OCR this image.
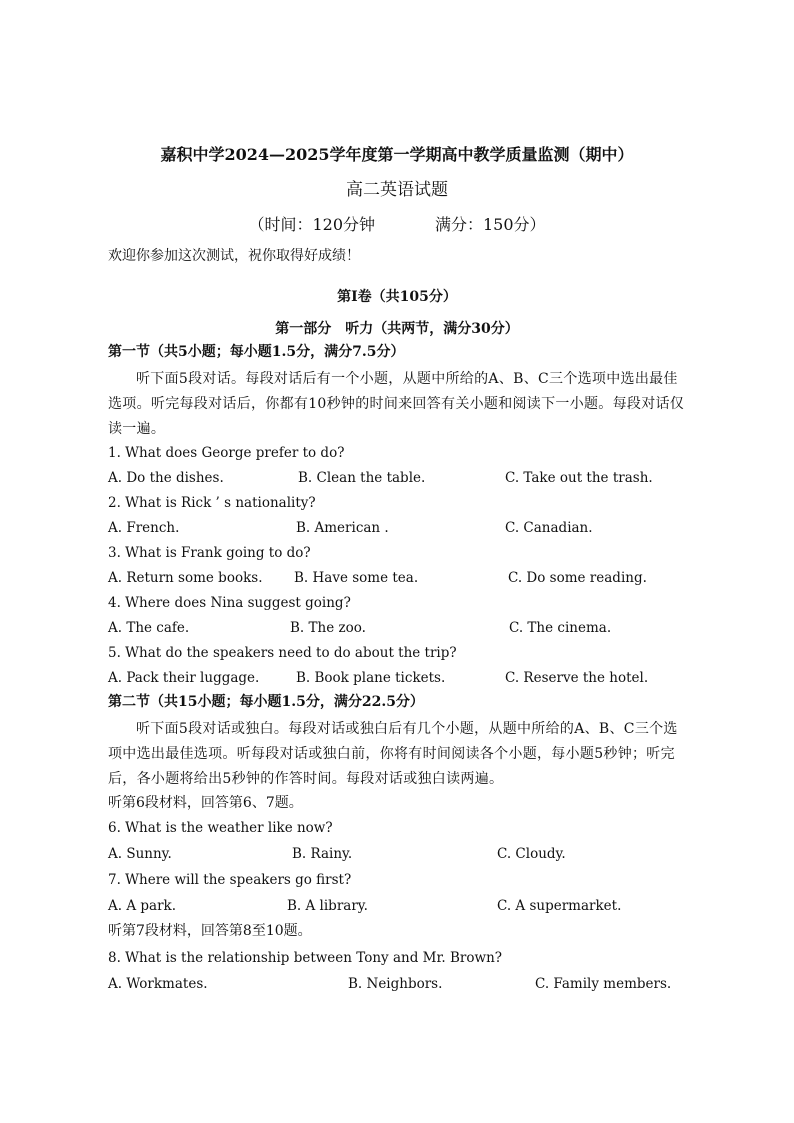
嘉积中学2024—2025学年度第一学期高中教学质量监测（期中）
高二英语试题
（时间：120分钟	满分：150分）
欢迎你参加这次测试，祝你取得好成绩！
第Ⅰ卷（共105分）
第一部分　听力（共两节，满分30分）
第一节（共5小题；每小题1.5分，满分7.5分）
听下面5段对话。每段对话后有一个小题，从题中所给的A、B、C三个选项中选出最佳选项。听完每段对话后，你都有10秒钟的时间来回答有关小题和阅读下一小题。每段对话仅读一遍。
1. What does George prefer to do?
A. Do the dishes.	B. Clean the table.	C. Take out the trash.
2. What is Rick ’ s nationality?
A. French.	B. American .	C. Canadian.
3. What is Frank going to do?
A. Return some books. B. Have some tea.	C. Do some reading.
4. Where does Nina suggest going?
A. The cafe.	B. The zoo.	C. The cinema.
5. What do the speakers need to do about the trip?
A. Pack their luggage.	B. Book plane tickets.	C. Reserve the hotel.
第二节（共15小题；每小题1.5分，满分22.5分）
听下面5段对话或独白。每段对话或独白后有几个小题，从题中所给的A、B、C三个选项中选出最佳选项。听每段对话或独白前，你将有时间阅读各个小题，每小题5秒钟；听完后，各小题将给出5秒钟的作答时间。每段对话或独白读两遍。
听第6段材料，回答第6、7题。
6. What is the weather like now?
A. Sunny.	B. Rainy.	C. Cloudy.
7. Where will the speakers go first?
A. A park.	B. A library.	C. A supermarket.
听第7段材料，回答第8至10题。
8. What is the relationship between Tony and Mr. Brown?
A. Workmates.	B. Neighbors.	C. Family members.
